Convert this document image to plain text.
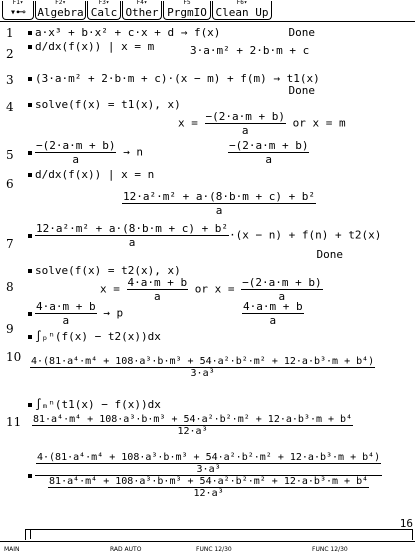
F1▾
▾⊷
F2▾
Algebra
F3▾
Calc
F4▾
Other
F5
PrgmIO
F6▾
Clean Up
1
2
3
4
5
6
7
8
9
10
11
a·x³ + b·x² + c·x + d → f(x)	Done
d/dx(f(x)) | x = m	3·a·m² + 2·b·m + c
(3·a·m² + 2·b·m + c)·(x − m) + f(m) → t1(x)
Done
solve(f(x) = t1(x), x)
$x = \frac{-(2\cdot a\cdot m + b)}{a}$ or x = m
$\frac{-(2\cdot a\cdot m + b)}{a} \to n$	$\frac{-(2\cdot a\cdot m + b)}{a}$
d/dx(f(x)) | x = n
$\frac{\text{12·a²·m² + a·(8·b·m + c) + b²}}{a}$
$\frac{\text{12·a²·m² + a·(8·b·m + c) + b²}}{a} \cdot(x - n) + f(n) + t2(x)$
Done
solve(f(x) = t2(x), x)
$x = \frac{4\cdot a\cdot m + b}{a}$ or $x = \frac{-(2\cdot a\cdot m + b)}{a}$
$\frac{4\cdot a\cdot m + b}{a} \to p$	$\frac{4\cdot a\cdot m + b}{a}$
∫ₚⁿ(f(x) − t2(x))dx
$\frac{\text{4·(81·a⁴·m⁴ + 108·a³·b·m³ + 54·a²·b²·m² + 12·a·b³·m + b⁴)}}{\text{3·a³}}$
∫ₘⁿ(t1(x) − f(x))dx
$\frac{\text{81·a⁴·m⁴ + 108·a³·b·m³ + 54·a²·b²·m² + 12·a·b³·m + b⁴}}{\text{12·a³}}$
$\frac{\text{4·(81·a⁴·m⁴ + 108·a³·b·m³ + 54·a²·b²·m² + 12·a·b³·m + b⁴)}}{\text{3·a³}}$
$\frac{\text{81·a⁴·m⁴ + 108·a³·b·m³ + 54·a²·b²·m² + 12·a·b³·m + b⁴}}{\text{12·a³}}$
16
MAIN	RAD AUTO	FUNC 12/30	FUNC 12/30
